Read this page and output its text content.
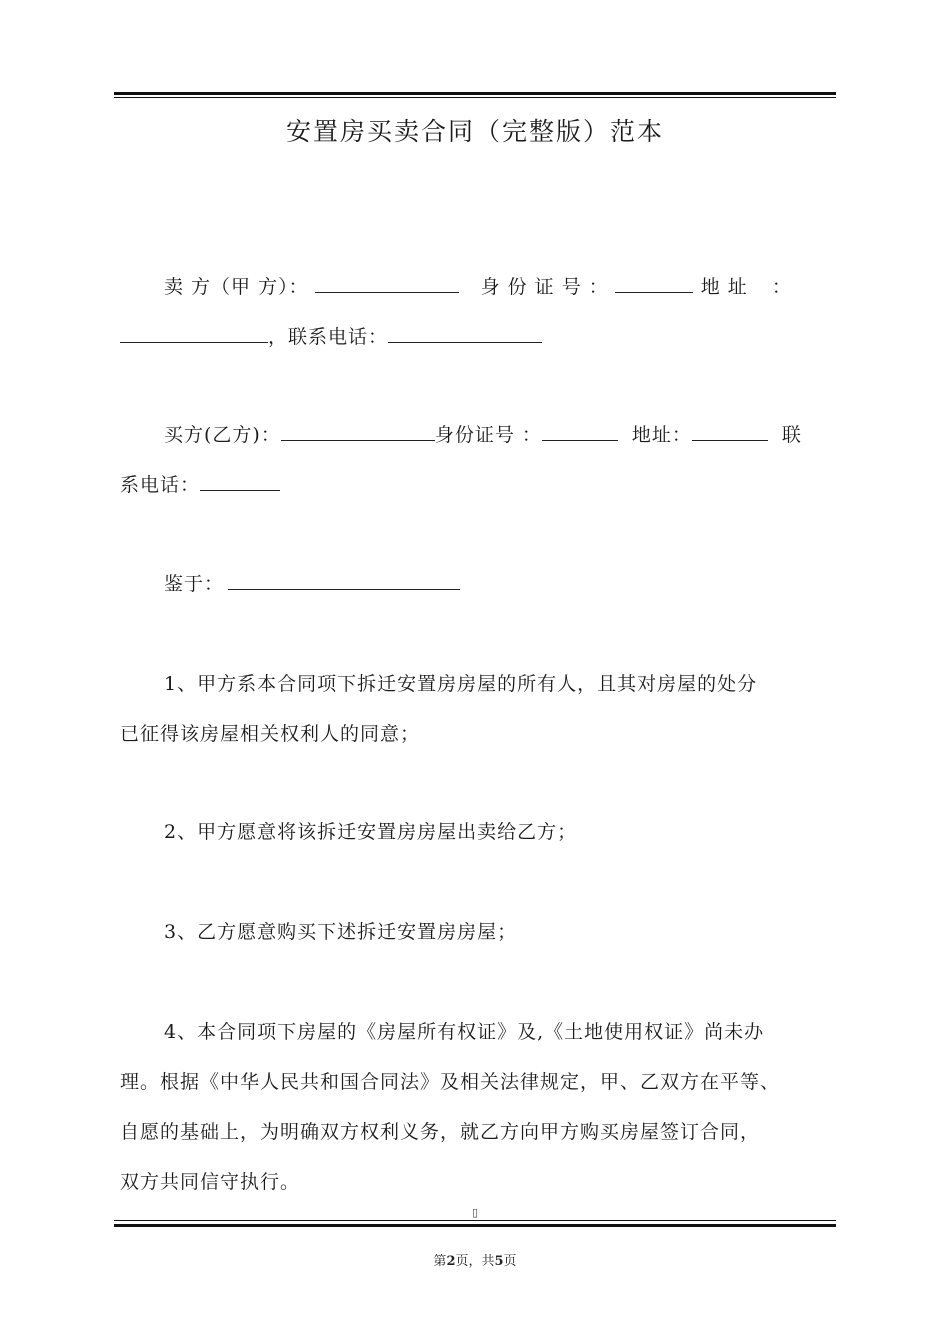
安置房买卖合同（完整版）范本
卖 方（甲 方）：	身 份 证 号 ：	地 址 ：
，联系电话：
买方(乙方)：	身份证号 ：	地址：	联
系电话：
鉴于：
1、甲方系本合同项下拆迁安置房房屋的所有人，且其对房屋的处分
已征得该房屋相关权利人的同意；
2、甲方愿意将该拆迁安置房房屋出卖给乙方；
3、乙方愿意购买下述拆迁安置房房屋；
4、本合同项下房屋的《房屋所有权证》及,《土地使用权证》尚未办
理。根据《中华人民共和国合同法》及相关法律规定，甲、乙双方在平等、
自愿的基础上，为明确双方权利义务，就乙方向甲方购买房屋签订合同，
双方共同信守执行。
▯
第2页，共5页
